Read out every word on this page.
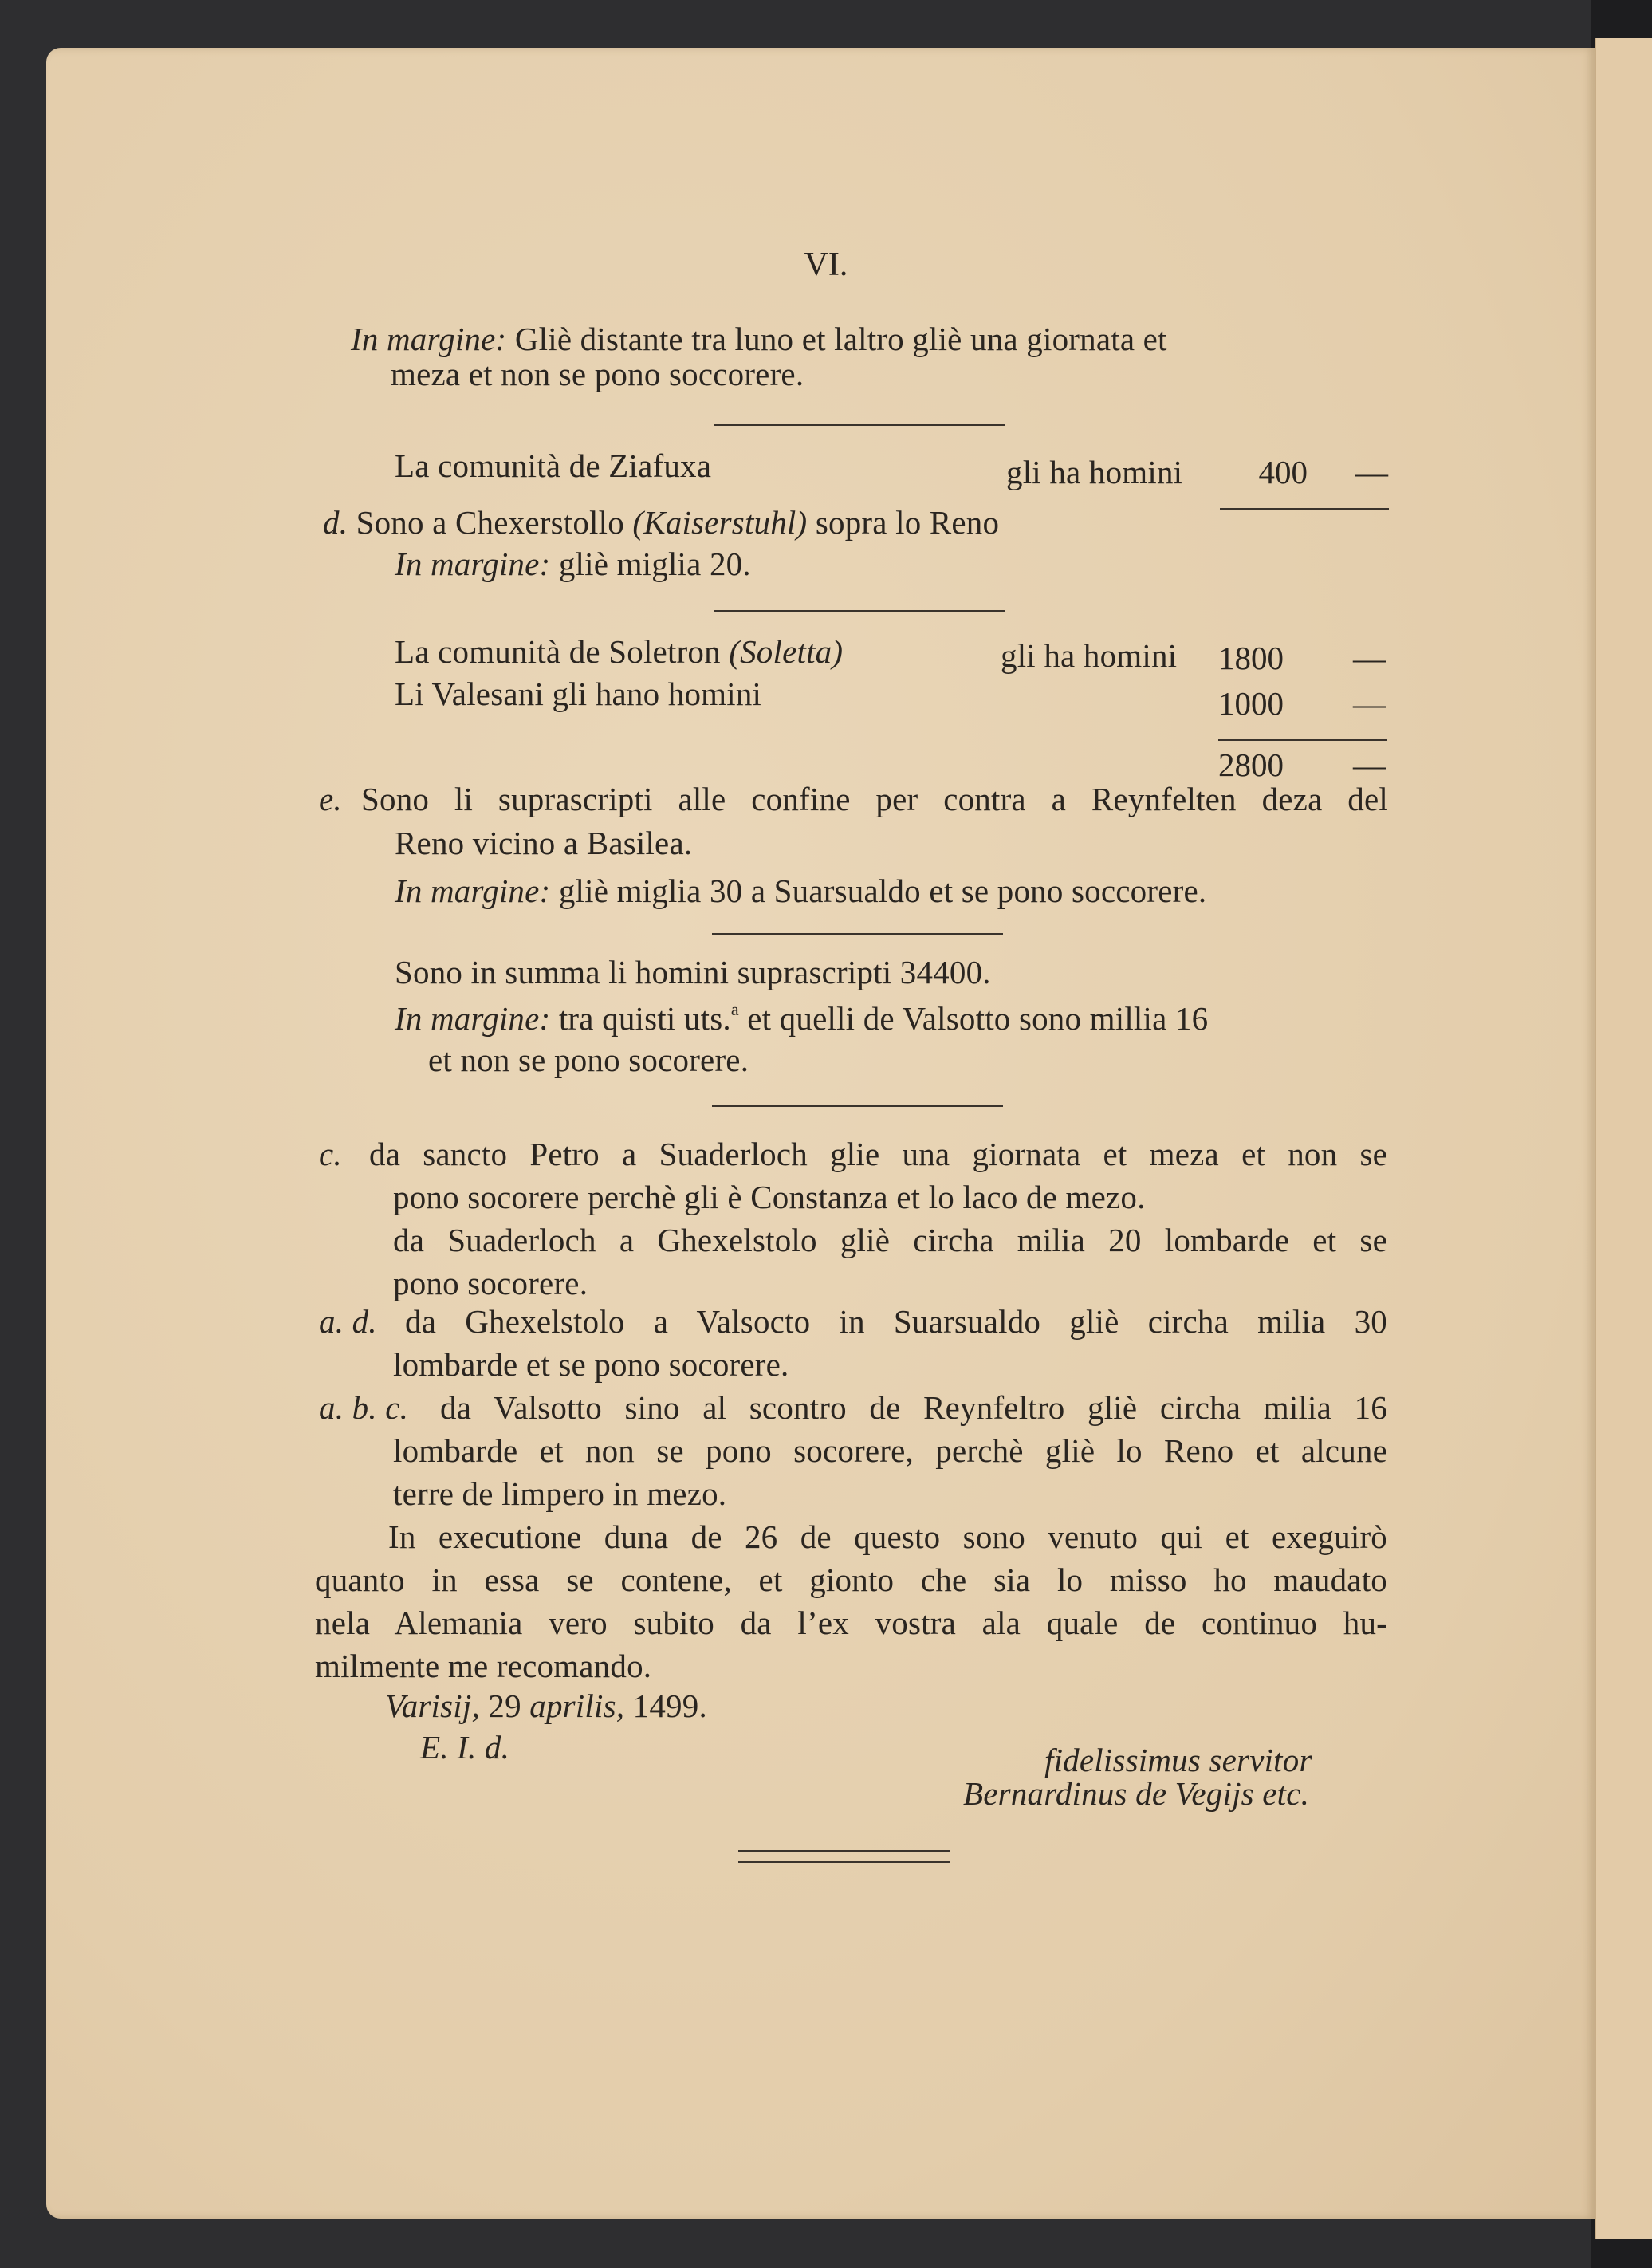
VI.
In margine: Gliè distante tra luno et laltro gliè una giornata et
meza et non se pono soccorere.
La comunità de Ziafuxa	gli ha homini	400 —
d. Sono a Chexerstollo (Kaiserstuhl) sopra lo Reno
In margine: gliè miglia 20.
La comunità de Soletron (Soletta)	gli ha homini	1800 —
Li Valesani gli hano homini	1000 —
2800 —
e. Sono li suprascripti alle confine per contra a Reynfelten deza del
Reno vicino a Basilea.
In margine: gliè miglia 30 a Suarsualdo et se pono soccorere.
Sono in summa li homini suprascripti 34400.
In margine: tra quisti uts.$^a$ et quelli de Valsotto sono millia 16
et non se pono socorere.
c. da sancto Petro a Suaderloch glie una giornata et meza et non se
pono socorere perchè gli è Constanza et lo laco de mezo.
da Suaderloch a Ghexelstolo gliè circha milia 20 lombarde et se
pono socorere.
a. d. da Ghexelstolo a Valsocto in Suarsualdo gliè circha milia 30
lombarde et se pono socorere.
a. b. c. da Valsotto sino al scontro de Reynfeltro gliè circha milia 16
lombarde et non se pono socorere, perchè gliè lo Reno et alcune
terre de limpero in mezo.
In executione duna de 26 de questo sono venuto qui et exeguirò
quanto in essa se contene, et gionto che sia lo misso ho maudato
nela Alemania vero subito da l’ex vostra ala quale de continuo hu-
milmente me recomando.
Varisij, 29 aprilis, 1499.
E. I. d.	fidelissimus servitor
Bernardinus de Vegijs etc.
